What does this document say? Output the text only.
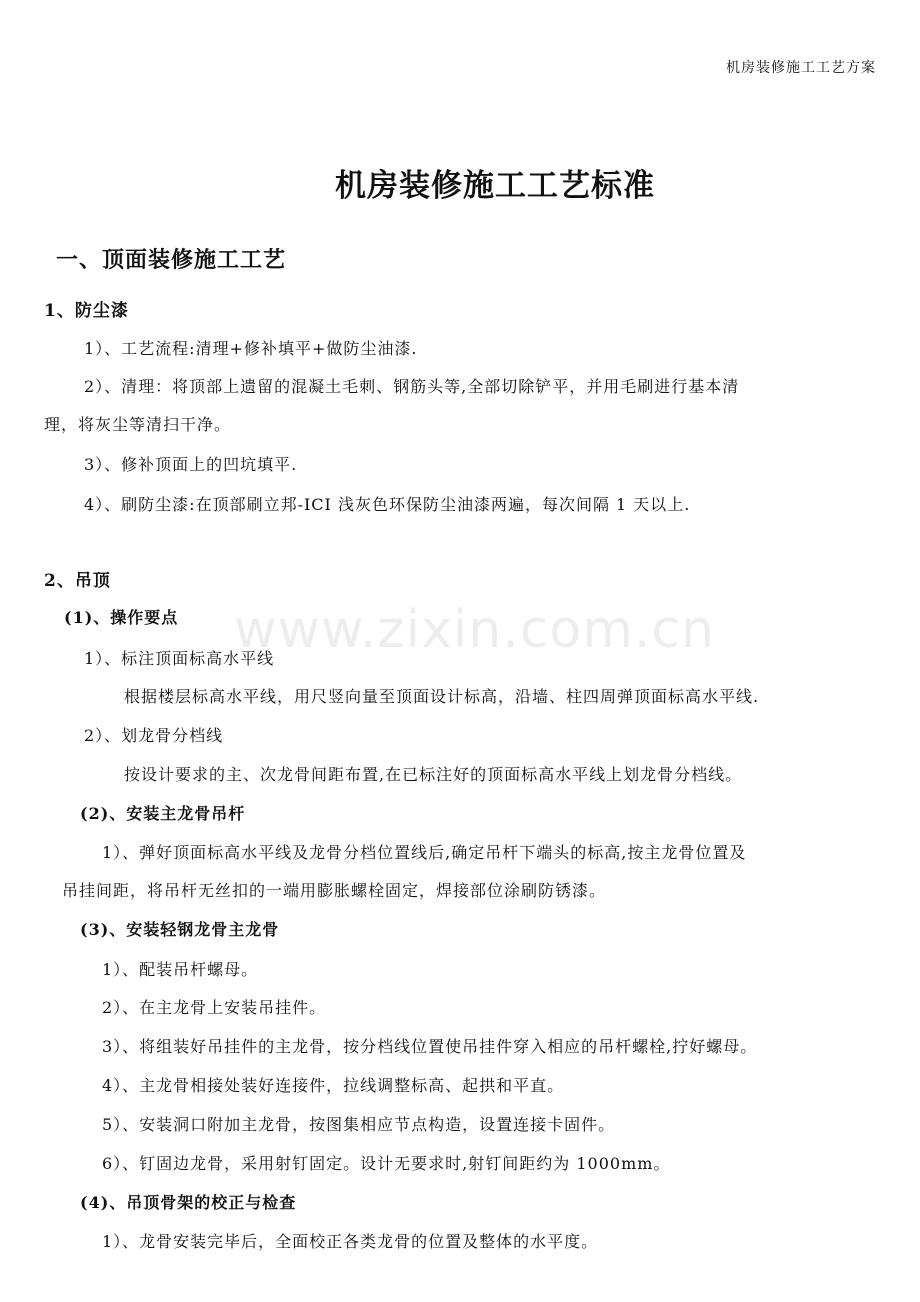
机房装修施工工艺方案
www.zixin.com.cn
机房装修施工工艺标准
一、顶面装修施工工艺
1、防尘漆
1）、工艺流程:清理+修补填平+做防尘油漆.
2）、清理：将顶部上遗留的混凝土毛刺、钢筋头等,全部切除铲平，并用毛刷进行基本清
理，将灰尘等清扫干净。
3）、修补顶面上的凹坑填平.
4）、刷防尘漆:在顶部刷立邦-ICI 浅灰色环保防尘油漆两遍，每次间隔 1 天以上.
2、吊顶
(1)、操作要点
1）、标注顶面标高水平线
根据楼层标高水平线，用尺竖向量至顶面设计标高，沿墙、柱四周弹顶面标高水平线.
2）、划龙骨分档线
按设计要求的主、次龙骨间距布置,在已标注好的顶面标高水平线上划龙骨分档线。
(2)、安装主龙骨吊杆
1）、弹好顶面标高水平线及龙骨分档位置线后,确定吊杆下端头的标高,按主龙骨位置及
吊挂间距，将吊杆无丝扣的一端用膨胀螺栓固定，焊接部位涂刷防锈漆。
(3)、安装轻钢龙骨主龙骨
1）、配装吊杆螺母。
2）、在主龙骨上安装吊挂件。
3）、将组装好吊挂件的主龙骨，按分档线位置使吊挂件穿入相应的吊杆螺栓,拧好螺母。
4）、主龙骨相接处装好连接件，拉线调整标高、起拱和平直。
5）、安装洞口附加主龙骨，按图集相应节点构造，设置连接卡固件。
6）、钉固边龙骨，采用射钉固定。设计无要求时,射钉间距约为 1000mm。
(4)、吊顶骨架的校正与检查
1）、龙骨安装完毕后，全面校正各类龙骨的位置及整体的水平度。
